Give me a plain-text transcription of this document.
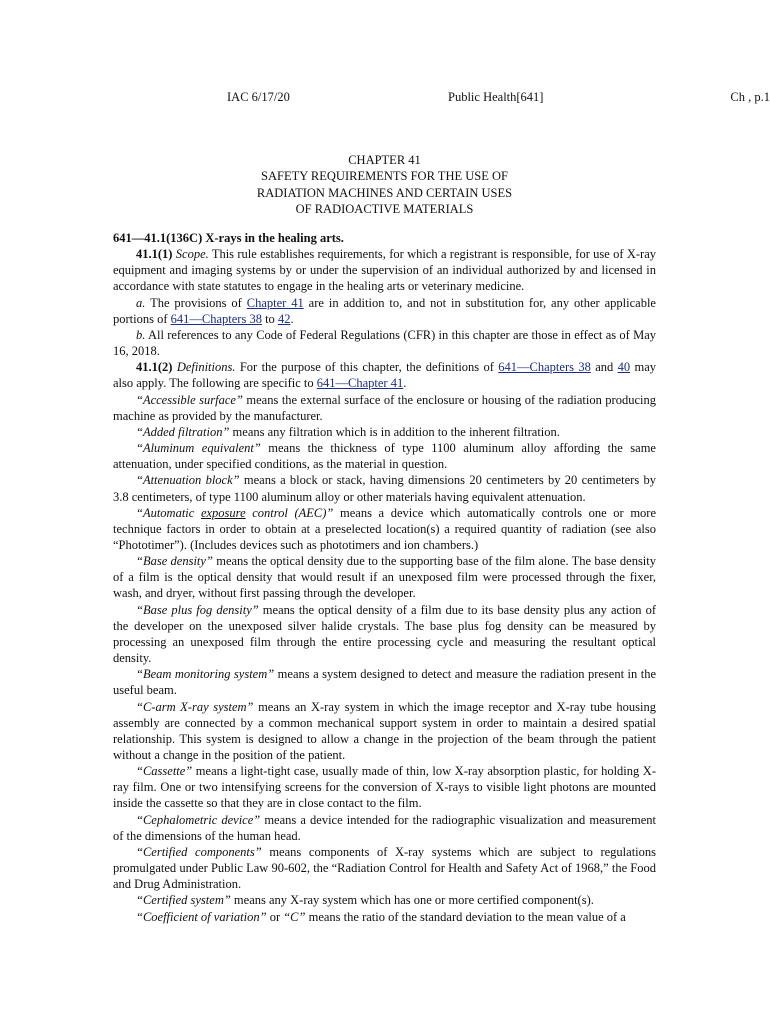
IAC 6/17/20	Public Health[641]	Ch , p.1
CHAPTER 41
SAFETY REQUIREMENTS FOR THE USE OF
RADIATION MACHINES AND CERTAIN USES
OF RADIOACTIVE MATERIALS

641—41.1(136C) X-rays in the healing arts.

41.1(1) Scope. This rule establishes requirements, for which a registrant is responsible, for use of X-ray equipment and imaging systems by or under the supervision of an individual authorized by and licensed in accordance with state statutes to engage in the healing arts or veterinary medicine.

a. The provisions of Chapter 41 are in addition to, and not in substitution for, any other applicable portions of 641—Chapters 38 to 42.

b. All references to any Code of Federal Regulations (CFR) in this chapter are those in effect as of May 16, 2018.

41.1(2) Definitions. For the purpose of this chapter, the definitions of 641—Chapters 38 and 40 may also apply. The following are specific to 641—Chapter 41.

“Accessible surface” means the external surface of the enclosure or housing of the radiation producing machine as provided by the manufacturer.

“Added filtration” means any filtration which is in addition to the inherent filtration.

“Aluminum equivalent” means the thickness of type 1100 aluminum alloy affording the same attenuation, under specified conditions, as the material in question.

“Attenuation block” means a block or stack, having dimensions 20 centimeters by 20 centimeters by 3.8 centimeters, of type 1100 aluminum alloy or other materials having equivalent attenuation.

“Automatic exposure control (AEC)” means a device which automatically controls one or more technique factors in order to obtain at a preselected location(s) a required quantity of radiation (see also “Phototimer”). (Includes devices such as phototimers and ion chambers.)

“Base density” means the optical density due to the supporting base of the film alone. The base density of a film is the optical density that would result if an unexposed film were processed through the fixer, wash, and dryer, without first passing through the developer.

“Base plus fog density” means the optical density of a film due to its base density plus any action of the developer on the unexposed silver halide crystals. The base plus fog density can be measured by processing an unexposed film through the entire processing cycle and measuring the resultant optical density.

“Beam monitoring system” means a system designed to detect and measure the radiation present in the useful beam.

“C-arm X-ray system” means an X-ray system in which the image receptor and X-ray tube housing assembly are connected by a common mechanical support system in order to maintain a desired spatial relationship. This system is designed to allow a change in the projection of the beam through the patient without a change in the position of the patient.

“Cassette” means a light-tight case, usually made of thin, low X-ray absorption plastic, for holding X-ray film. One or two intensifying screens for the conversion of X-rays to visible light photons are mounted inside the cassette so that they are in close contact to the film.

“Cephalometric device” means a device intended for the radiographic visualization and measurement of the dimensions of the human head.

“Certified components” means components of X-ray systems which are subject to regulations promulgated under Public Law 90-602, the “Radiation Control for Health and Safety Act of 1968,” the Food and Drug Administration.

“Certified system” means any X-ray system which has one or more certified component(s).

“Coefficient of variation” or “C” means the ratio of the standard deviation to the mean value of a
